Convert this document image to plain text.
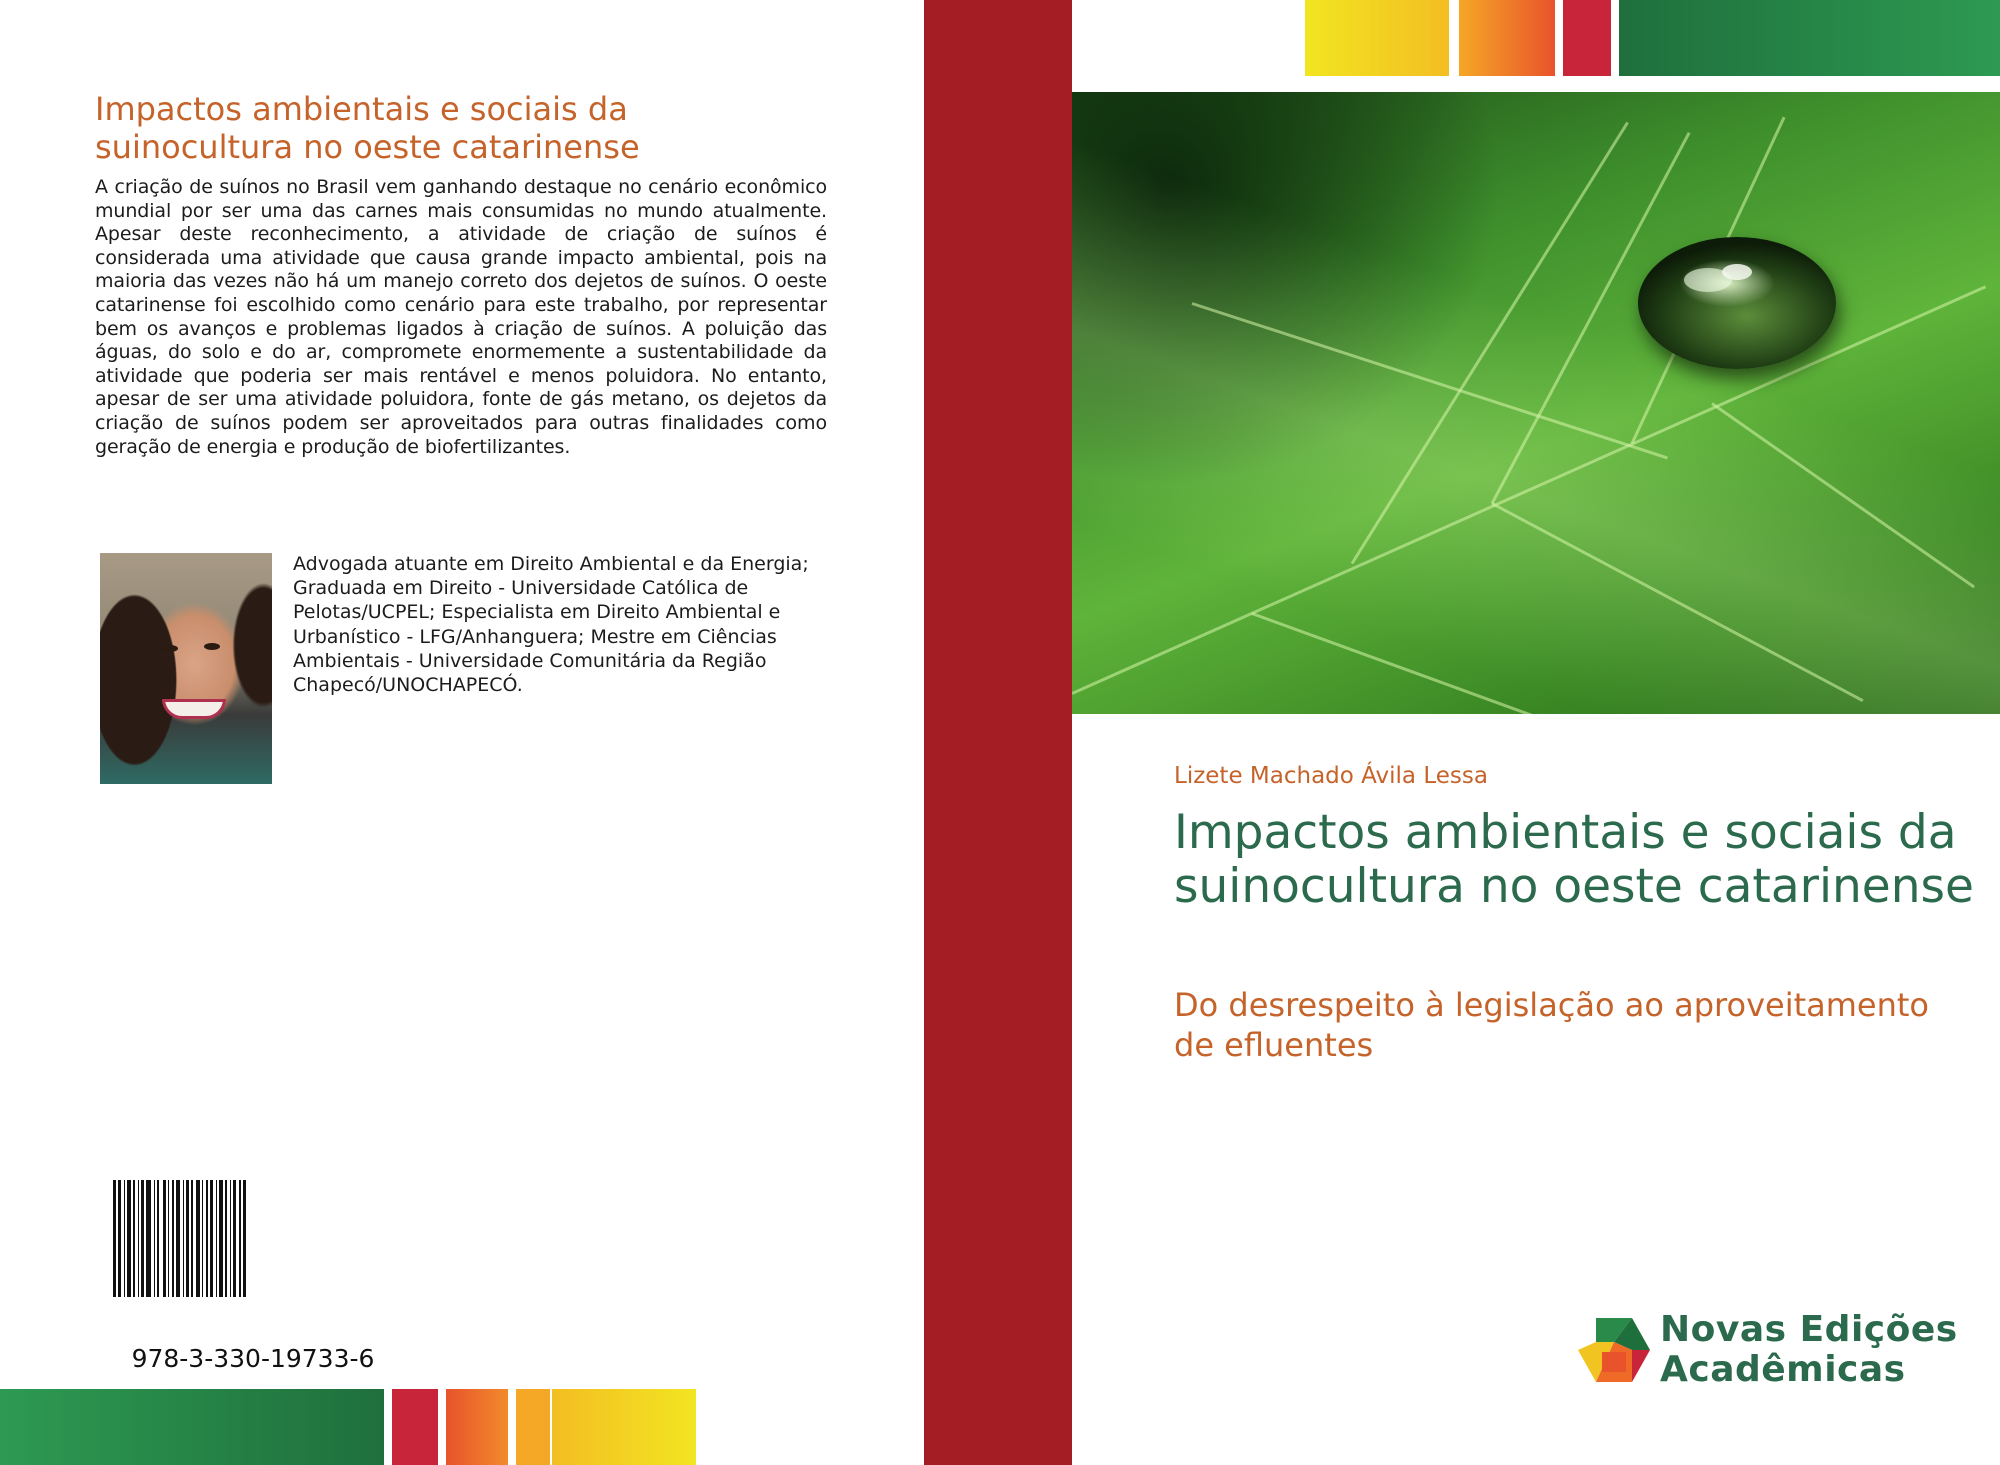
Impactos ambientais e sociais da suinocultura no oeste catarinense
A criação de suínos no Brasil vem ganhando destaque no cenário econômico mundial por ser uma das carnes mais consumidas no mundo atualmente. Apesar deste reconhecimento, a atividade de criação de suínos é considerada uma atividade que causa grande impacto ambiental, pois na maioria das vezes não há um manejo correto dos dejetos de suínos. O oeste catarinense foi escolhido como cenário para este trabalho, por representar bem os avanços e problemas ligados à criação de suínos. A poluição das águas, do solo e do ar, compromete enormemente a sustentabilidade da atividade que poderia ser mais rentável e menos poluidora. No entanto, apesar de ser uma atividade poluidora, fonte de gás metano, os dejetos da criação de suínos podem ser aproveitados para outras finalidades como geração de energia e produção de biofertilizantes.
Advogada atuante em Direito Ambiental e da Energia; Graduada em Direito - Universidade Católica de Pelotas/UCPEL; Especialista em Direito Ambiental e Urbanístico - LFG/Anhanguera; Mestre em Ciências Ambientais - Universidade Comunitária da Região Chapecó/UNOCHAPECÓ.
978-3-330-19733-6
Lizete Machado Ávila Lessa
Impactos ambientais e sociais da suinocultura no oeste catarinense
Do desrespeito à legislação ao aproveitamento de efluentes
Novas Edições
Acadêmicas
